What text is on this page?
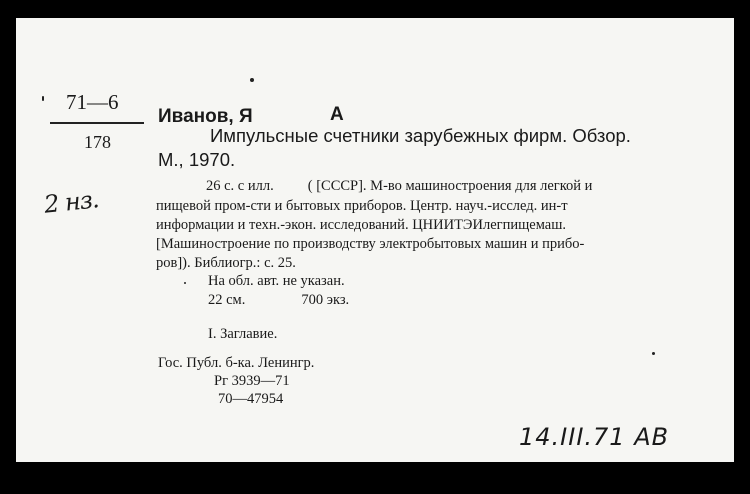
71—6
178
2 нз.
Иванов, Я	А
Импульсные счетники зарубежных фирм. Обзор.
М., 1970.
26 с. с илл. ( [СССР]. М-во машиностроения для легкой и
пищевой пром-сти и бытовых приборов. Центр. науч.-исслед. ин-т
информации и техн.-экон. исследований. ЦНИИТЭИлегпищемаш.
[Машиностроение по производству электробытовых машин и прибо-
ров]). Библиогр.: с. 25.
На обл. авт. не указан.
22 см.	700 экз.
I. Заглавие.
Гос. Публ. б-ка. Ленингр.
Рг 3939—71
70—47954
14.III.71 AB
